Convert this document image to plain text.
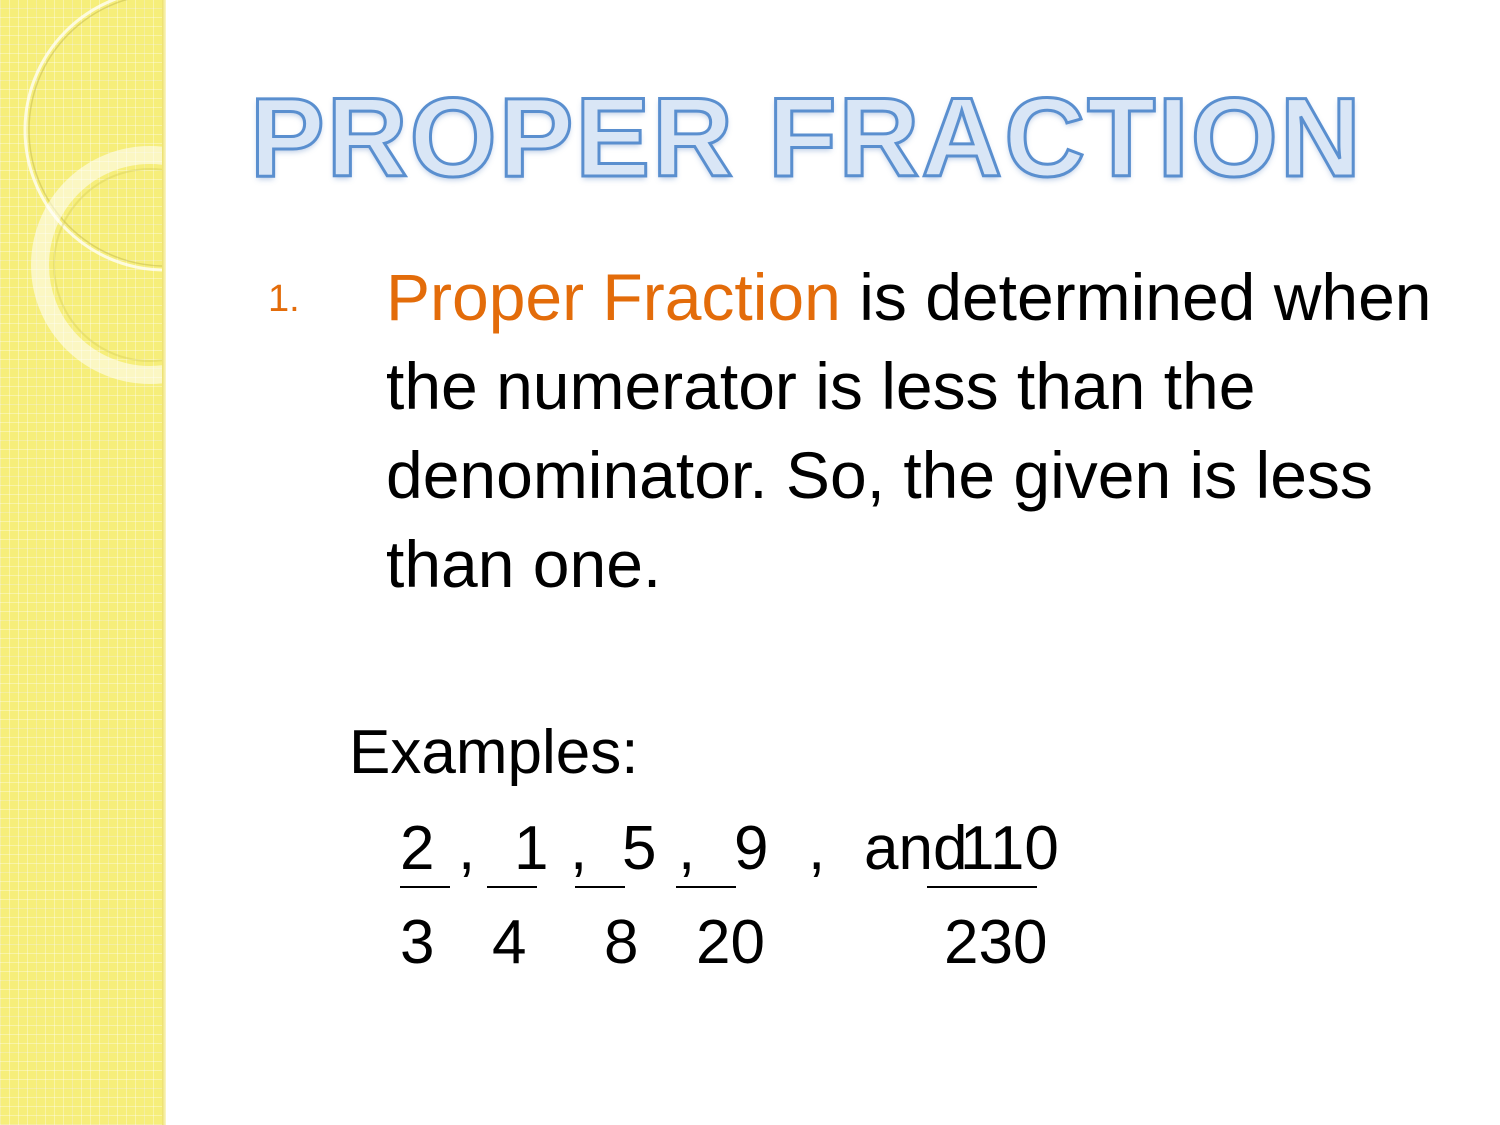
PROPER FRACTION
1. Proper Fraction is determined when the numerator is less than the denominator. So, the given is less than one.
Examples:
2 1 5 9	110
, , , , and
3 4 8 20	230
